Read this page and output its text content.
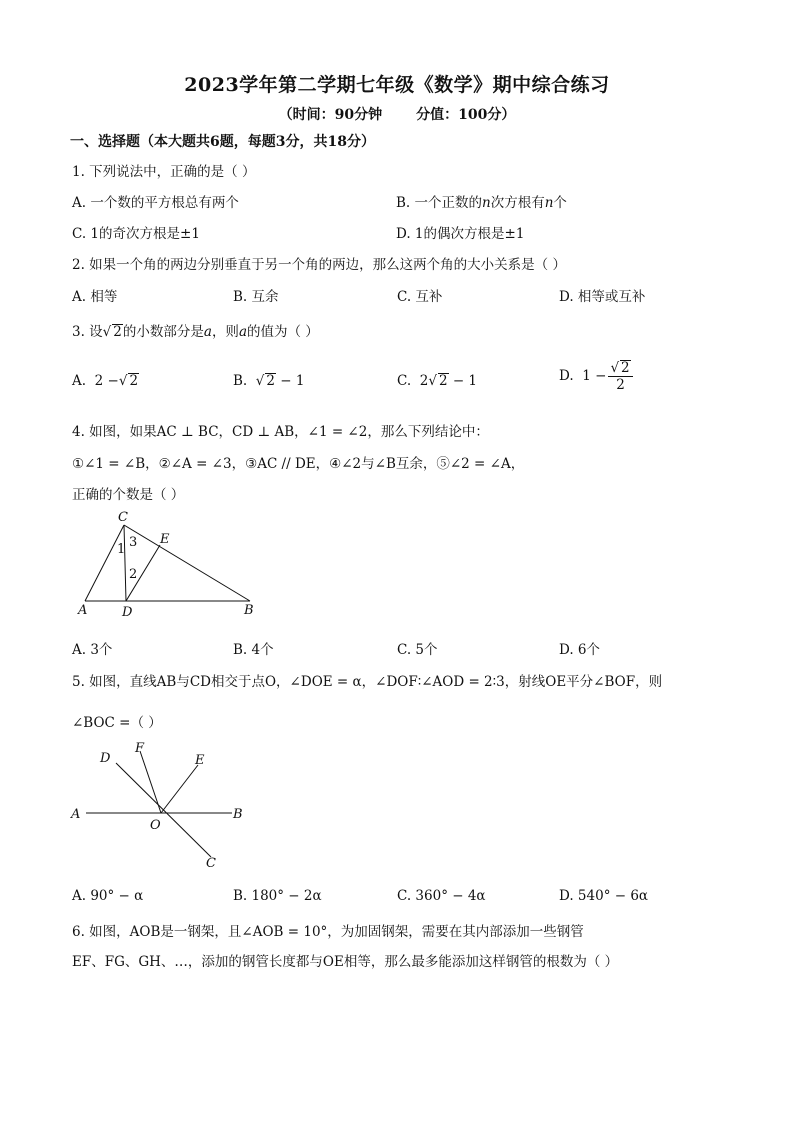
2023学年第二学期七年级《数学》期中综合练习
（时间：90分钟 分值：100分）
一、选择题（本大题共6题，每题3分，共18分）
1. 下列说法中，正确的是（ ）
A. 一个数的平方根总有两个	B. 一个正数的n次方根有n个
C. 1的奇次方根是±1	D. 1的偶次方根是±1
2. 如果一个角的两边分别垂直于另一个角的两边，那么这两个角的大小关系是（ ）
A. 相等	B. 互余	C. 互补	D. 相等或互补
3. 设√ 2的小数部分是a，则a的值为（ ）
A. 2 −√ 2	B.  √ 2 − 1	C. 2√ 2 − 1	D. $1 - \frac{√ 2}{2}$
4. 如图，如果AC ⊥ BC，CD ⊥ AB，∠1 = ∠2，那么下列结论中：
①∠1 = ∠B，②∠A = ∠3，③AC // DE，④∠2与∠B互余，⑤∠2 = ∠A，
正确的个数是（ ）
C
E
A	D	B
1
2
3
A. 3个	B. 4个	C. 5个	D. 6个
5. 如图，直线AB与CD相交于点O，∠DOE = α，∠DOF∶∠AOD = 2∶3，射线OE平分∠BOF，则
∠BOC =（ ）
D
F
E
A
O
B
C
A. 90° − α	B. 180° − 2α	C. 360° − 4α	D. 540° − 6α
6. 如图，AOB是一钢架，且∠AOB = 10°，为加固钢架，需要在其内部添加一些钢管
EF、FG、GH、…，添加的钢管长度都与OE相等，那么最多能添加这样钢管的根数为（ ）
